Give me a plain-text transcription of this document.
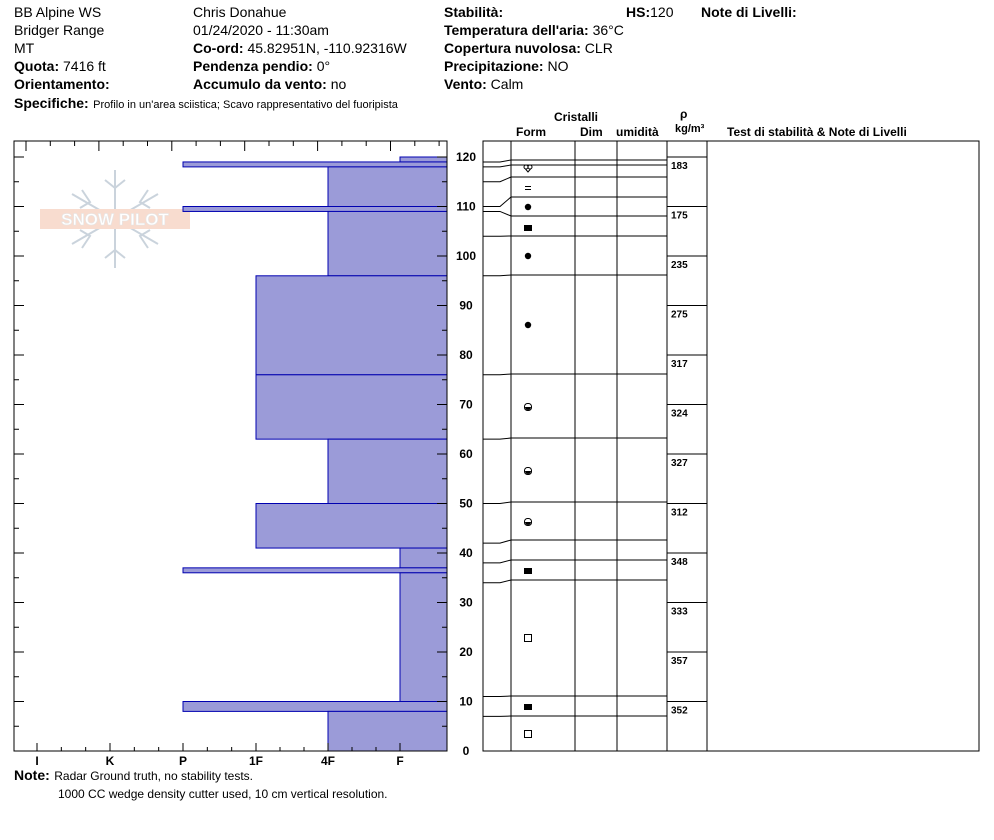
BB Alpine WS
Bridger Range
MT
Quota: 7416 ft
Orientamento:
Chris Donahue
01/24/2020 - 11:30am
Co-ord: 45.82951N, -110.92316W
Pendenza pendio: 0°
Accumulo da vento: no
Stabilità:
Temperatura dell'aria: 36°C
Copertura nuvolosa: CLR
Precipitazione: NO
Vento: Calm
HS:120 Note di Livelli:
Specifiche: Profilo in un'area sciistica; Scavo rappresentativo del fuoripista
Cristalli
Form	Dim umidità
ρ
kg/m³ Test di stabilità & Note di Livelli
SNOW PILOT
I	K	P	1F	4F	F
0
10
20
30
40
50
60
70
80
90
100
110
120
183
175
235
275
317
324
327
312
348
333
357
352
Note: Radar Ground truth, no stability tests.
1000 CC wedge density cutter used, 10 cm vertical resolution.
